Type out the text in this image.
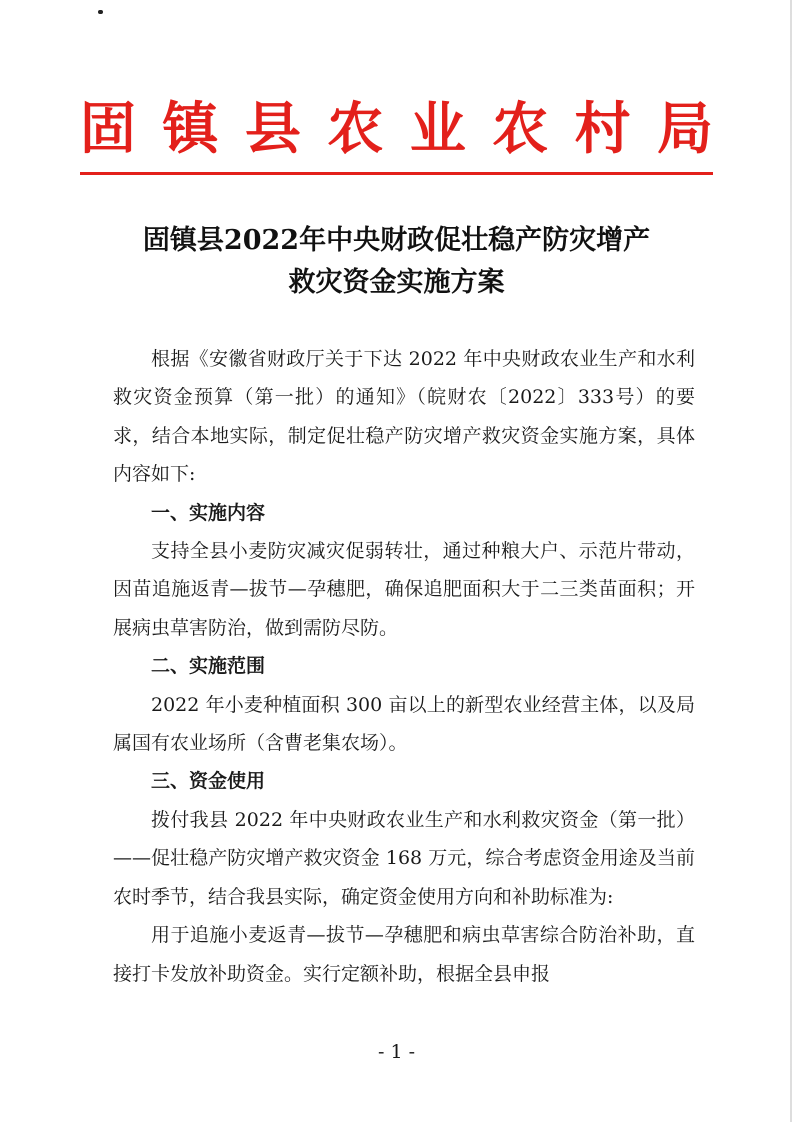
固 镇 县 农 业 农 村 局
固镇县2022年中央财政促壮稳产防灾增产
救灾资金实施方案

根据《安徽省财政厅关于下达 2022 年中央财政农业生产和水利救灾资金预算（第一批）的通知》（皖财农〔2022〕333号）的要求，结合本地实际，制定促壮稳产防灾增产救灾资金实施方案，具体内容如下:

一、实施内容

支持全县小麦防灾减灾促弱转壮，通过种粮大户、示范片带动，因苗追施返青—拔节—孕穗肥，确保追肥面积大于二三类苗面积；开展病虫草害防治，做到需防尽防。

二、实施范围

2022 年小麦种植面积 300 亩以上的新型农业经营主体，以及局属国有农业场所（含曹老集农场）。

三、资金使用

拨付我县 2022 年中央财政农业生产和水利救灾资金（第一批）——促壮稳产防灾增产救灾资金 168 万元，综合考虑资金用途及当前农时季节，结合我县实际，确定资金使用方向和补助标准为:

用于追施小麦返青—拔节—孕穗肥和病虫草害综合防治补助，直接打卡发放补助资金。实行定额补助，根据全县申报

- 1 -
